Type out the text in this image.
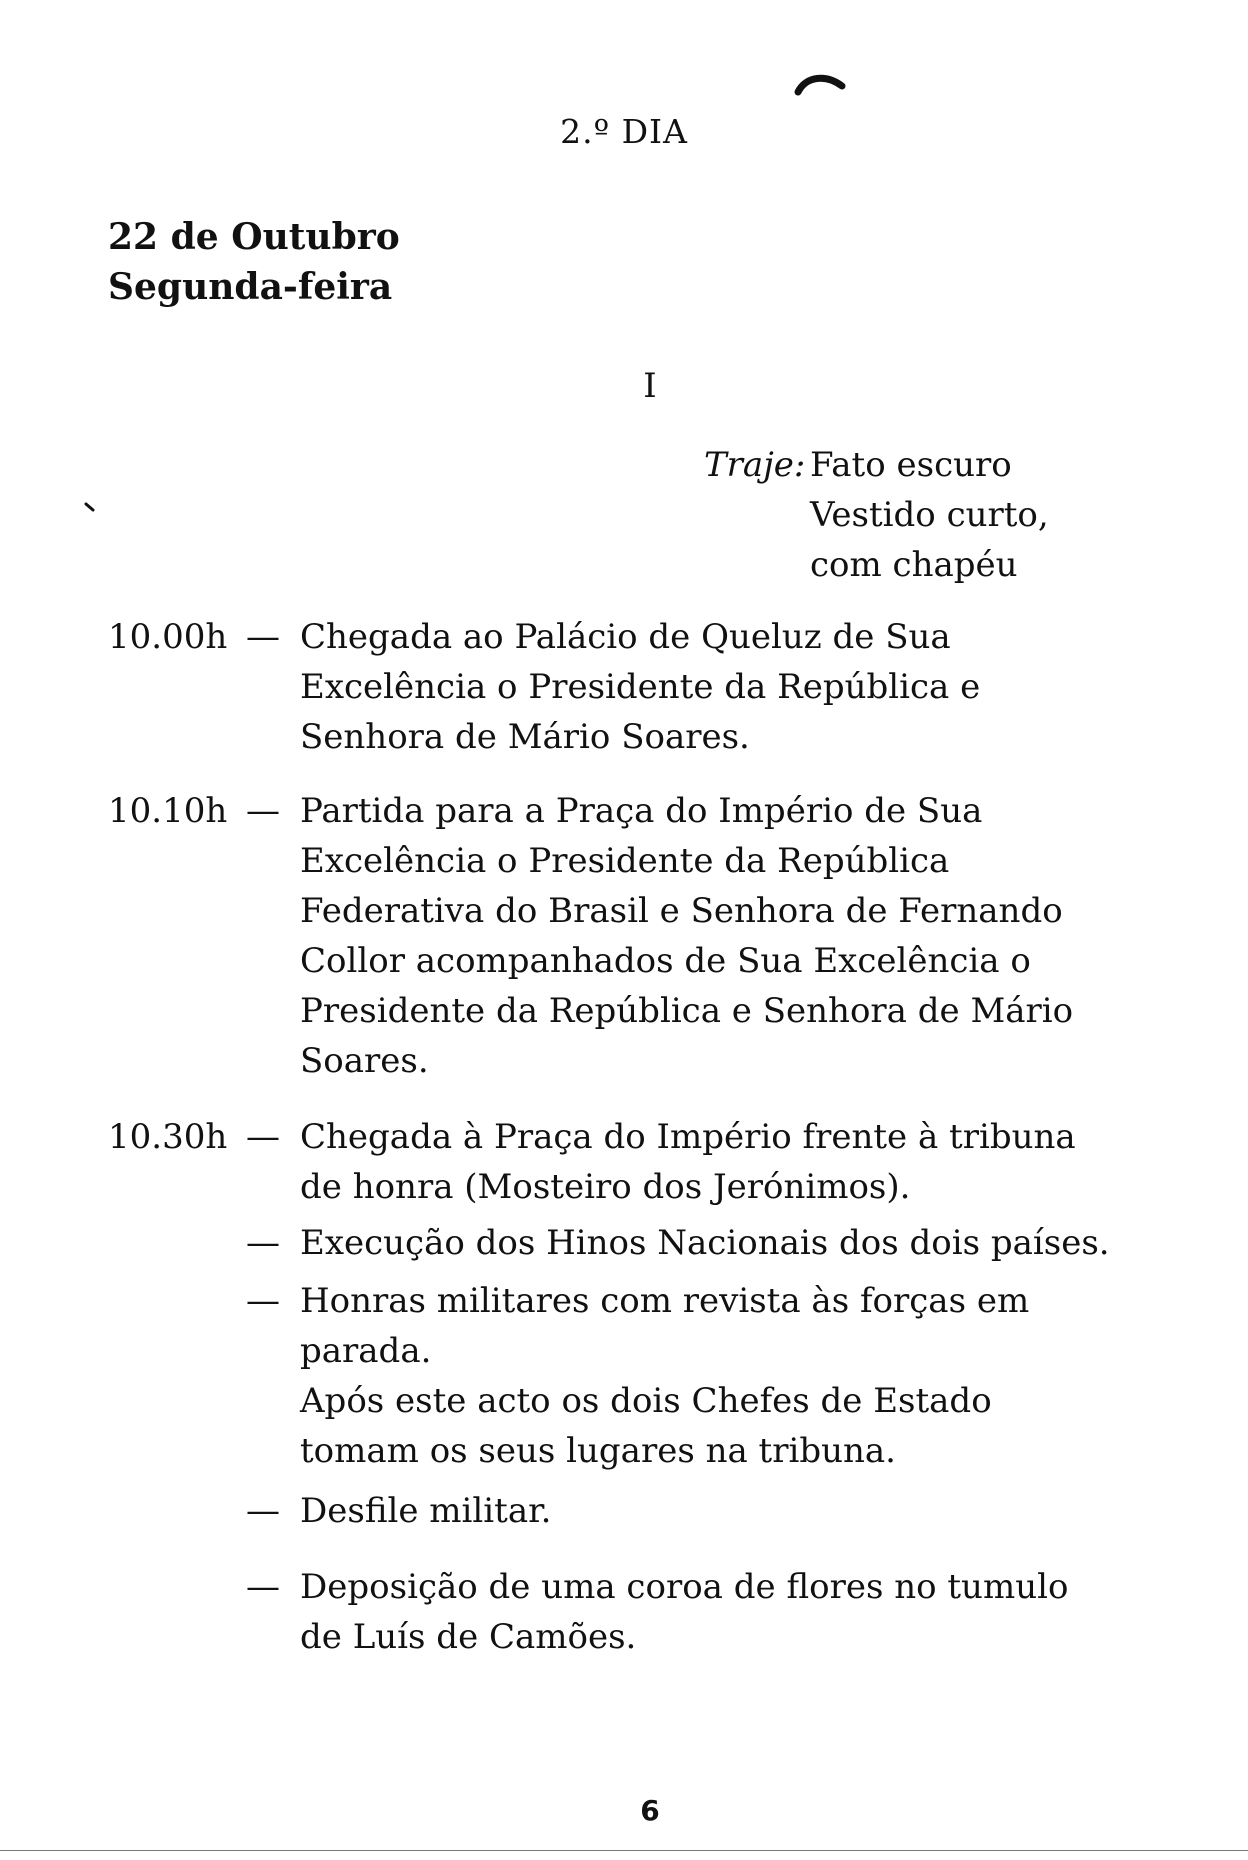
2.º DIA
22 de Outubro
Segunda-feira
I
Traje: Fato escuro
Vestido curto,
com chapéu
10.00h — Chegada ao Palácio de Queluz de Sua
Excelência o Presidente da República e
Senhora de Mário Soares.
10.10h — Partida para a Praça do Império de Sua
Excelência o Presidente da República
Federativa do Brasil e Senhora de Fernando
Collor acompanhados de Sua Excelência o
Presidente da República e Senhora de Mário
Soares.
10.30h — Chegada à Praça do Império frente à tribuna
de honra (Mosteiro dos Jerónimos).
— Execução dos Hinos Nacionais dos dois países.
— Honras militares com revista às forças em
parada.
Após este acto os dois Chefes de Estado
tomam os seus lugares na tribuna.
— Desfile militar.
— Deposição de uma coroa de flores no tumulo
de Luís de Camões.
6
